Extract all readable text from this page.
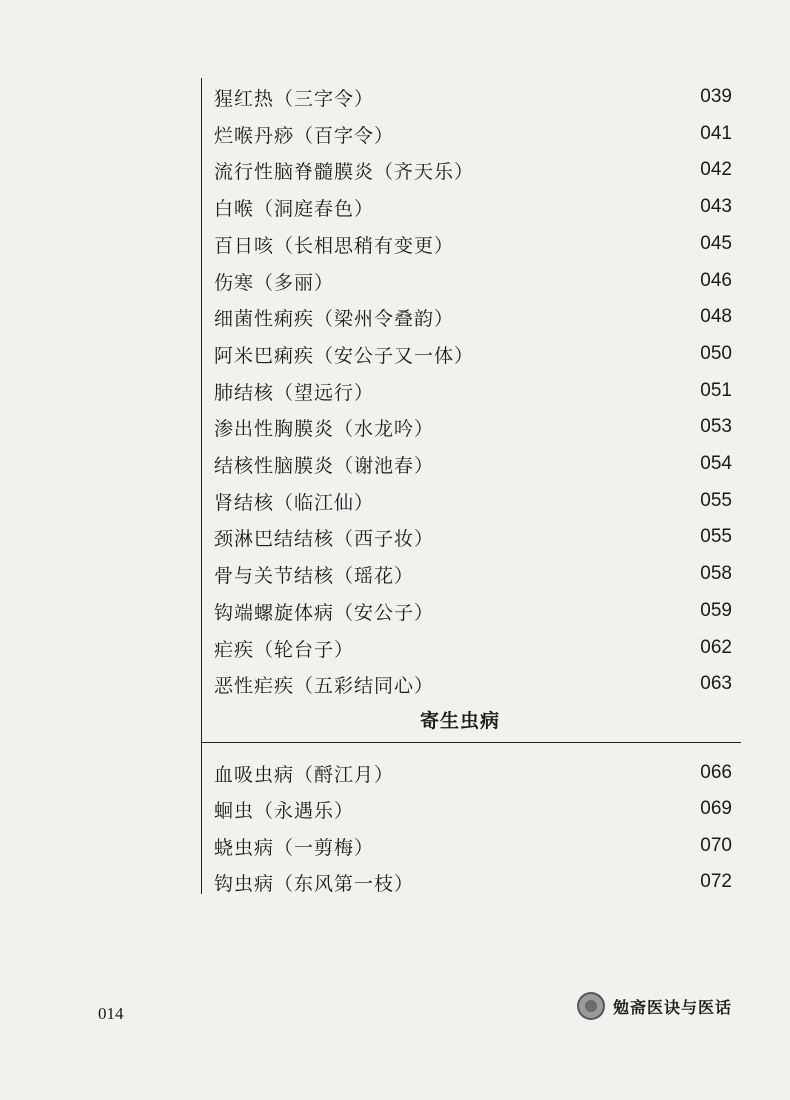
猩红热（三字令）	039
烂喉丹痧（百字令）	041
流行性脑脊髓膜炎（齐天乐）	042
白喉（洞庭春色）	043
百日咳（长相思稍有变更）	045
伤寒（多丽）	046
细菌性痢疾（梁州令叠韵）	048
阿米巴痢疾（安公子又一体）	050
肺结核（望远行）	051
渗出性胸膜炎（水龙吟）	053
结核性脑膜炎（谢池春）	054
肾结核（临江仙）	055
颈淋巴结结核（西子妆）	055
骨与关节结核（瑶花）	058
钩端螺旋体病（安公子）	059
疟疾（轮台子）	062
恶性疟疾（五彩结同心）	063
血吸虫病（酹江月）	066
蛔虫（永遇乐）	069
蛲虫病（一剪梅）	070
钩虫病（东风第一枝）	072
寄生虫病
014	勉斋医诀与医话
